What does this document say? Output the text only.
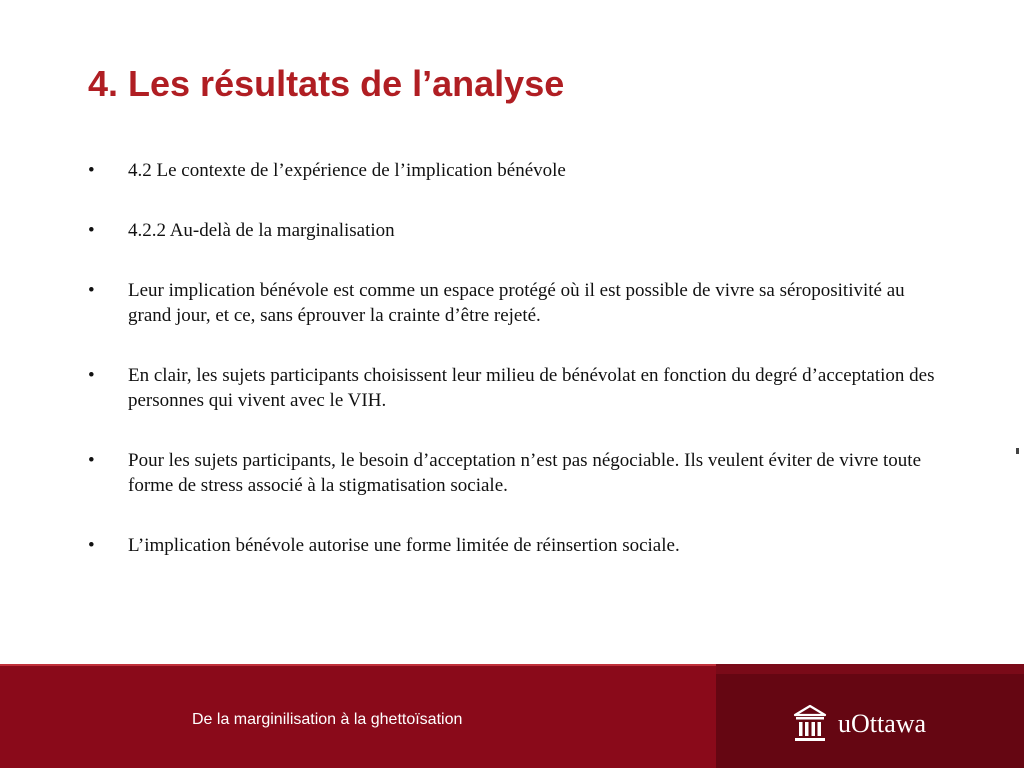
4. Les résultats de l’analyse
•	4.2 Le contexte de l’expérience de l’implication bénévole
•	4.2.2 Au-delà de la marginalisation
•	Leur implication bénévole est comme un espace protégé où il est possible de vivre sa séropositivité au grand jour, et ce, sans éprouver la crainte d’être rejeté.
•	En clair, les sujets participants choisissent leur milieu de bénévolat en fonction du degré d’acceptation des personnes qui vivent avec le VIH.
•	Pour les sujets participants, le besoin d’acceptation n’est pas négociable. Ils veulent éviter de vivre toute forme de stress associé à la stigmatisation sociale.
•	L’implication bénévole autorise une forme limitée de réinsertion sociale.
De la marginilisation à la ghettoïsation	uOttawa
